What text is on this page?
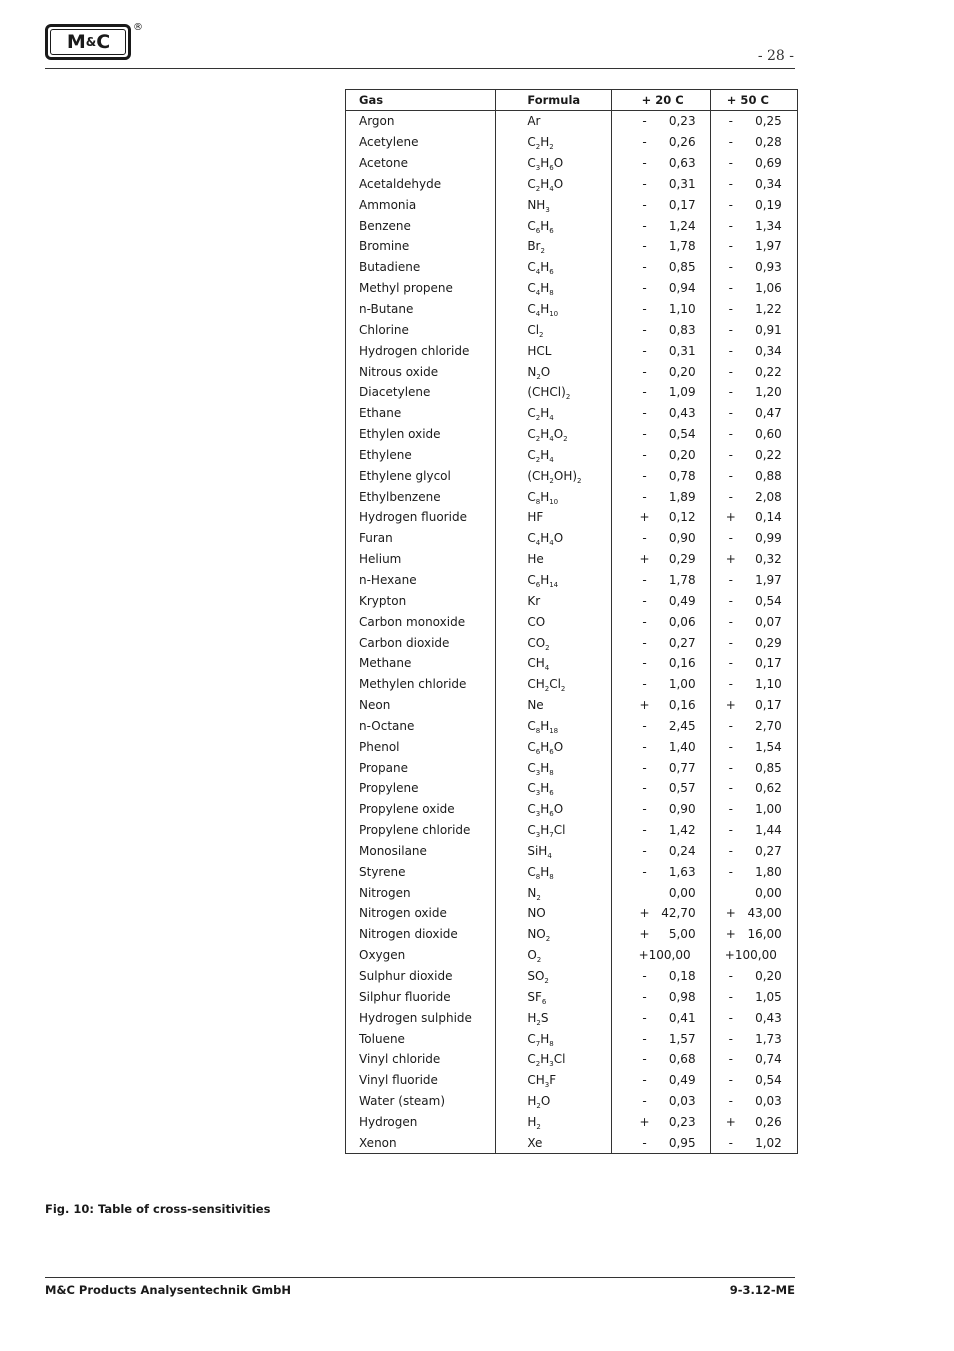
M & C
®
- 28 -
Gas	Formula	+ 20 C	+ 50 C
Argon	Ar	- 0,23	- 0,25
Acetylene	$C_2H_2$	- 0,26	- 0,28
Acetone	$C_3H_6O$	- 0,63	- 0,69
Acetaldehyde	$C_2H_4O$	- 0,31	- 0,34
Ammonia	$NH_3$	- 0,17	- 0,19
Benzene	$C_6H_6$	- 1,24	- 1,34
Bromine	$Br_2$	- 1,78	- 1,97
Butadiene	$C_4H_6$	- 0,85	- 0,93
Methyl propene	$C_4H_8$	- 0,94	- 1,06
n-Butane	$C_4H_{10}$	- 1,10	- 1,22
Chlorine	$Cl_2$	- 0,83	- 0,91
Hydrogen chloride	HCL	- 0,31	- 0,34
Nitrous oxide	$N_2O$	- 0,20	- 0,22
Diacetylene	$(CHCl)_2$	- 1,09	- 1,20
Ethane	$C_2H_4$	- 0,43	- 0,47
Ethylen oxide	$C_2H_4O_2$	- 0,54	- 0,60
Ethylene	$C_2H_4$	- 0,20	- 0,22
Ethylene glycol	$(CH_2OH)_2$	- 0,78	- 0,88
Ethylbenzene	$C_8H_{10}$	- 1,89	- 2,08
Hydrogen fluoride	HF	+ 0,12	+ 0,14
Furan	$C_4H_4O$	- 0,90	- 0,99
Helium	He	+ 0,29	+ 0,32
n-Hexane	$C_6H_{14}$	- 1,78	- 1,97
Krypton	Kr	- 0,49	- 0,54
Carbon monoxide	CO	- 0,06	- 0,07
Carbon dioxide	$CO_2$	- 0,27	- 0,29
Methane	$CH_4$	- 0,16	- 0,17
Methylen chloride	$CH_2Cl_2$	- 1,00	- 1,10
Neon	Ne	+ 0,16	+ 0,17
n-Octane	$C_8H_{18}$	- 2,45	- 2,70
Phenol	$C_6H_6O$	- 1,40	- 1,54
Propane	$C_3H_8$	- 0,77	- 0,85
Propylene	$C_3H_6$	- 0,57	- 0,62
Propylene oxide	$C_3H_6O$	- 0,90	- 1,00
Propylene chloride	$C_3H_7Cl$	- 1,42	- 1,44
Monosilane	SiH$_4$	- 0,24	- 0,27
Styrene	$C_8H_8$	- 1,63	- 1,80
Nitrogen	$N_2$	0,00	0,00
Nitrogen oxide	NO	+ 42,70	+ 43,00
Nitrogen dioxide	$NO_2$	+ 5,00	+ 16,00
Oxygen	$O_2$	+100,00	+100,00
Sulphur dioxide	$SO_2$	- 0,18	- 0,20
Silphur fluoride	$SF_6$	- 0,98	- 1,05
Hydrogen sulphide	$H_2S$	- 0,41	- 0,43
Toluene	$C_7H_8$	- 1,57	- 1,73
Vinyl chloride	$C_2H_3Cl$	- 0,68	- 0,74
Vinyl fluoride	$CH_3F$	- 0,49	- 0,54
Water (steam)	$H_2O$	- 0,03	- 0,03
Hydrogen	$H_2$	+ 0,23	+ 0,26
Xenon	Xe	- 0,95	- 1,02
Fig. 10: Table of cross-sensitivities
M&C Products Analysentechnik GmbH	9-3.12-ME
